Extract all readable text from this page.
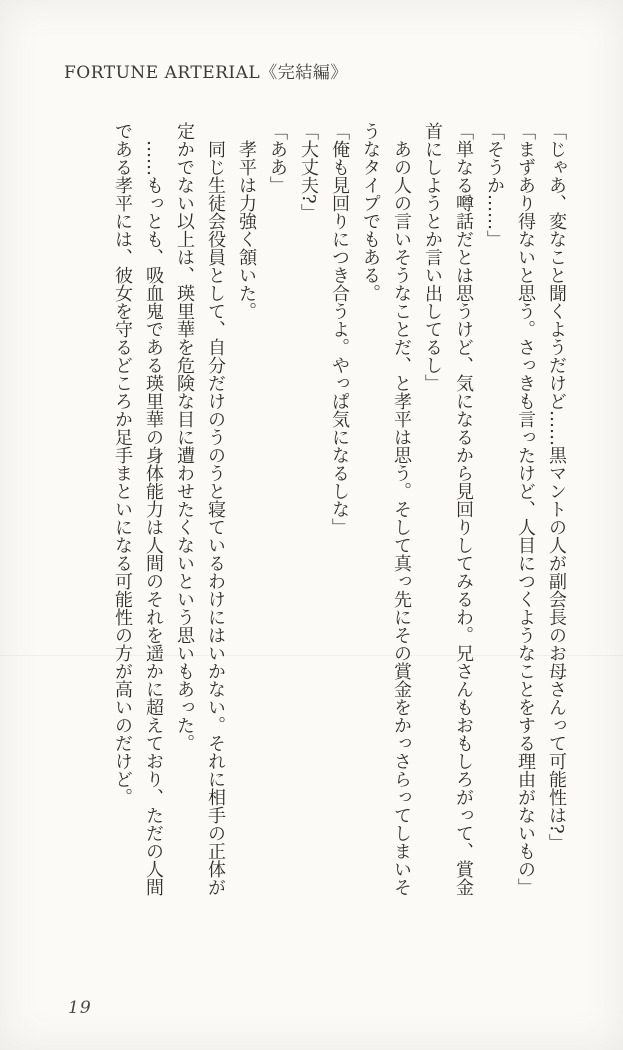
FORTUNE ARTERIAL《完結編》

「じゃあ、変なこと聞くようだけど……黒マントの人が副会長のお母さんって可能性は?」

「まずあり得ないと思う。さっきも言ったけど、人目につくようなことをする理由がないもの」

「そうか……」

「単なる噂話だとは思うけど、気になるから見回りしてみるわ。兄さんもおもしろがって、賞金首にしようとか言い出してるし」

　あの人の言いそうなことだ、と孝平は思う。そして真っ先にその賞金をかっさらってしまいそうなタイプでもある。

「俺も見回りにつき合うよ。やっぱ気になるしな」

「大丈夫?」

「ああ」

　孝平は力強く頷いた。

　同じ生徒会役員として、自分だけのうのうと寝ているわけにはいかない。それに相手の正体が定かでない以上は、瑛里華を危険な目に遭わせたくないという思いもあった。

　……もっとも、吸血鬼である瑛里華の身体能力は人間のそれを遥かに超えており、ただの人間である孝平には、彼女を守るどころか足手まといになる可能性の方が高いのだけど。

19
